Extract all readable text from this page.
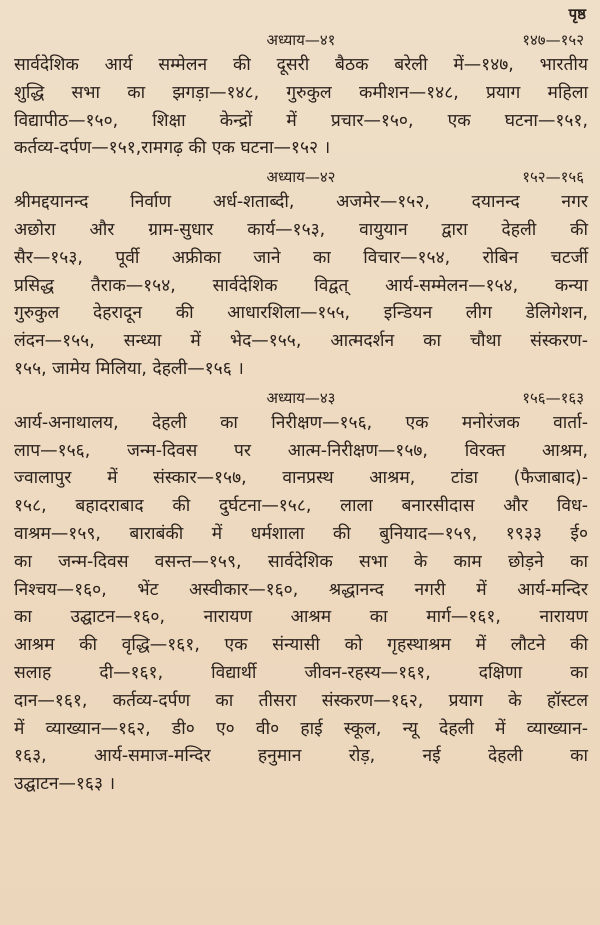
पृष्ठ
अध्याय—४१	१४७—१५२

सार्वदेशिक आर्य सम्मेलन की दूसरी बैठक बरेली में—१४७, भारतीय

शुद्धि सभा का झगड़ा—१४८, गुरुकुल कमीशन—१४८, प्रयाग महिला

विद्यापीठ—१५०, शिक्षा केन्द्रों में प्रचार—१५०, एक घटना—१५१,

कर्तव्य-दर्पण—१५१,रामगढ़ की एक घटना—१५२ ।

अध्याय—४२	१५२—१५६

श्रीमद्दयानन्द निर्वाण अर्ध-शताब्दी, अजमेर—१५२, दयानन्द नगर

अछोरा और ग्राम-सुधार कार्य—१५३, वायुयान द्वारा देहली की

सैर—१५३, पूर्वी अफ्रीका जाने का विचार—१५४, रोबिन चटर्जी

प्रसिद्ध तैराक—१५४, सार्वदेशिक विद्वत् आर्य-सम्मेलन—१५४, कन्या

गुरुकुल देहरादून की आधारशिला—१५५, इन्डियन लीग डेलिगेशन,

लंदन—१५५, सन्ध्या में भेद—१५५, आत्मदर्शन का चौथा संस्करण-

१५५, जामेय मिलिया, देहली—१५६ ।

अध्याय—४३	१५६—१६३

आर्य-अनाथालय, देहली का निरीक्षण—१५६, एक मनोरंजक वार्ता-

लाप—१५६, जन्म-दिवस पर आत्म-निरीक्षण—१५७, विरक्त आश्रम,

ज्वालापुर में संस्कार—१५७, वानप्रस्थ आश्रम, टांडा (फैजाबाद)-

१५८, बहादराबाद की दुर्घटना—१५८, लाला बनारसीदास और विध-

वाश्रम—१५९, बाराबंकी में धर्मशाला की बुनियाद—१५९, १९३३ ई०

का जन्म-दिवस वसन्त—१५९, सार्वदेशिक सभा के काम छोड़ने का

निश्चय—१६०, भेंट अस्वीकार—१६०, श्रद्धानन्द नगरी में आर्य-मन्दिर

का उद्घाटन—१६०, नारायण आश्रम का मार्ग—१६१, नारायण

आश्रम की वृद्धि—१६१, एक संन्यासी को गृहस्थाश्रम में लौटने की

सलाह दी—१६१, विद्यार्थी जीवन-रहस्य—१६१, दक्षिणा का

दान—१६१, कर्तव्य-दर्पण का तीसरा संस्करण—१६२, प्रयाग के हॉस्टल

में व्याख्यान—१६२, डी० ए० वी० हाई स्कूल, न्यू देहली में व्याख्यान-

१६३, आर्य-समाज-मन्दिर हनुमान रोड़, नई देहली का

उद्घाटन—१६३ ।
